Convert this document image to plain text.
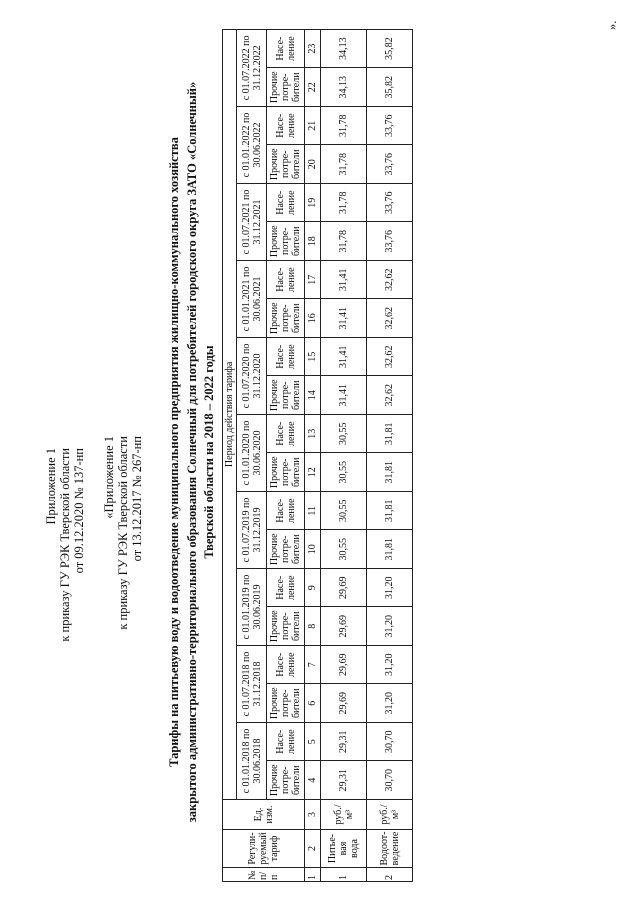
Приложение 1 к приказу ГУ РЭК Тверской области от 09.12.2020 № 137-нп «Приложение 1 к приказу ГУ РЭК Тверской области от 13.12.2017 № 267-нп Тарифы на питьевую воду и водоотведение муниципального предприятия жилищно-коммунального хозяйства закрытого административно-территориального образования Солнечный для потребителей городского округа ЗАТО «Солнечный» Тверской области на 2018 – 2022 годы
№ п/п	Регули-руемый тариф	Ед. изм.	Период действия тарифа																			
			с 01.01.2018 по 30.06.2018		с 01.07.2018 по 31.12.2018		с 01.01.2019 по 30.06.2019		с 01.07.2019 по 31.12.2019		с 01.01.2020 по 30.06.2020		с 01.07.2020 по 31.12.2020		с 01.01.2021 по 30.06.2021		с 01.07.2021 по 31.12.2021		с 01.01.2022 по 30.06.2022		с 01.07.2022 по 31.12.2022	
			Прочие потре-бители	Насе-ление	Прочие потре-бители	Насе-ление	Прочие потре-бители	Насе-ление	Прочие потре-бители	Насе-ление	Прочие потре-бители	Насе-ление	Прочие потре-бители	Насе-ление	Прочие потре-бители	Насе-ление	Прочие потре-бители	Насе-ление	Прочие потре-бители	Насе-ление	Прочие потре-бители	Насе-ление
1	2	3	4	5	6	7	8	9	10	11	12	13	14	15	16	17	18	19	20	21	22	23
1	Питье-вая вода	руб./м³	29,31	29,31	29,69	29,69	29,69	29,69	30,55	30,55	30,55	30,55	31,41	31,41	31,41	31,41	31,78	31,78	31,78	31,78	34,13	34,13
2	Водоот-ведение	руб./м³	30,70	30,70	31,20	31,20	31,20	31,20	31,81	31,81	31,81	31,81	32,62	32,62	32,62	32,62	33,76	33,76	33,76	33,76	35,82	35,82
».
